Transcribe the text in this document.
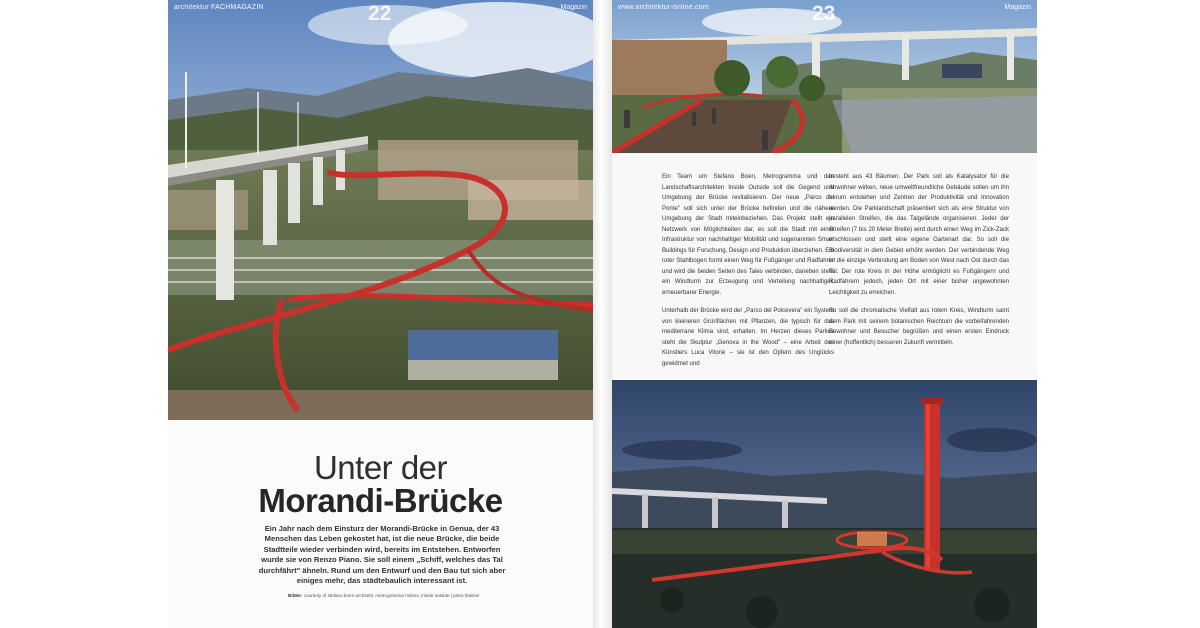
architektur FACHMAGAZIN	22	Magazin
Unter der
Morandi-Brücke

Ein Jahr nach dem Einsturz der Morandi-Brücke in Genua, der 43 Menschen das Leben gekostet hat, ist die neue Brücke, die beide Stadtteile wieder verbinden wird, bereits im Entstehen. Entworfen wurde sie von Renzo Piano. Sie soll einem „Schiff, welches das Tal durchfährt" ähneln. Rund um den Entwurf und den Bau tut sich aber einiges mehr, das städtebaulich interessant ist.

Bilder: courtesy of stefano boeri architetti, metrogramma milano, inside outside | petra blaisse

www.architektur-online.com	23	Magazin

Ein Team um Stefano Boeri, Metrogramma und den Landschaftsarchitekten Inside Outside soll die Gegend und Umgebung der Brücke revitalisieren. Der neue „Parco del Ponte" soll sich unter der Brücke befinden und die nähere Umgebung der Stadt miteinbeziehen. Das Projekt stellt ein Netzwerk von Möglichkeiten dar, es soll die Stadt mit einer Infrastruktur von nachhaltiger Mobilität und sogenannten Smart Buildings für Forschung, Design und Produktion überziehen. Ein roter Stahlbogen formt einen Weg für Fußgänger und Radfahrer und wird die beiden Seiten des Tales verbinden, daneben steht ein Windturm zur Erzeugung und Verteilung nachhaltiger, erneuerbarer Energie.

Unterhalb der Brücke wird der „Parco del Polcevera" ein System von kleineren Grünflächen mit Pflanzen, die typisch für das mediterrane Klima sind, erhalten. Im Herzen dieses Parkes steht die Skulptur „Genova in the Wood" – eine Arbeit des Künstlers Luca Vitone – sie ist den Opfern des Unglücks gewidmet und

besteht aus 43 Bäumen. Der Park soll als Katalysator für die Anwohner wirken, neue umweltfreundliche Gebäude sollen um ihn herum entstehen und Zentren der Produktivität und Innovation werden. Die Parklandschaft präsentiert sich als eine Struktur von parallelen Streifen, die das Talgelände organisieren. Jeder der Streifen (7 bis 20 Meter Breite) wird durch einen Weg im Zick-Zack erschlossen und stellt eine eigene Gartenart dar. So soll die Biodiversität in dem Gebiet erhöht werden. Der verbindende Weg ist die einzige Verbindung am Boden von West nach Ost durch das Tal. Der rote Kreis in der Höhe ermöglicht es Fußgängern und Radfahrern jedoch, jeden Ort mit einer bisher ungewohnten Leichtigkeit zu erreichen.

So soll die chromatische Vielfalt aus rotem Kreis, Windturm samt dem Park mit seinem botanischen Reichtum die vorbeifahrenden Bewohner und Besucher begrüßen und einen ersten Eindruck einer (hoffentlich) besseren Zukunft vermitteln.
